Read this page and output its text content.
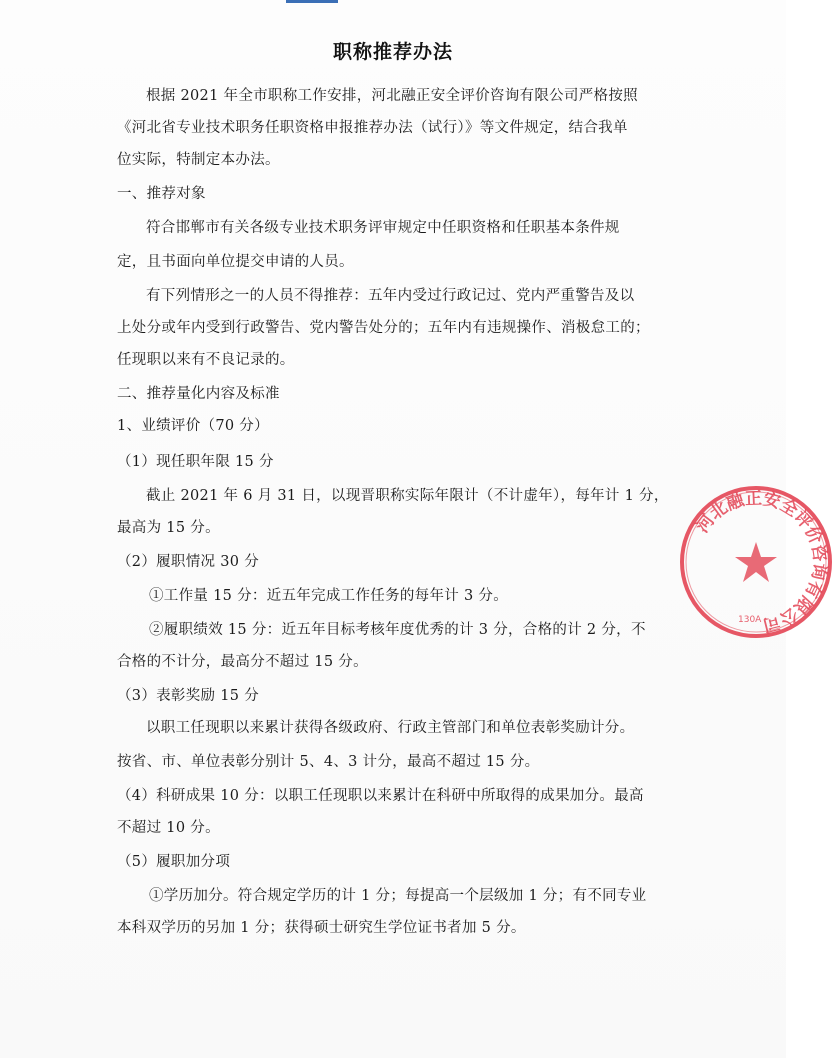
职称推荐办法
根据 2021 年全市职称工作安排，河北融正安全评价咨询有限公司严格按照
《河北省专业技术职务任职资格申报推荐办法（试行）》等文件规定，结合我单
位实际，特制定本办法。
一、推荐对象
符合邯郸市有关各级专业技术职务评审规定中任职资格和任职基本条件规
定，且书面向单位提交申请的人员。
有下列情形之一的人员不得推荐：五年内受过行政记过、党内严重警告及以
上处分或年内受到行政警告、党内警告处分的；五年内有违规操作、消极怠工的；
任现职以来有不良记录的。
二、推荐量化内容及标准
1、业绩评价（70 分）
（1）现任职年限 15 分
截止 2021 年 6 月 31 日，以现晋职称实际年限计（不计虚年），每年计 1 分，
最高为 15 分。
（2）履职情况 30 分
①工作量 15 分：近五年完成工作任务的每年计 3 分。
②履职绩效 15 分：近五年目标考核年度优秀的计 3 分，合格的计 2 分，不
合格的不计分，最高分不超过 15 分。
（3）表彰奖励 15 分
以职工任现职以来累计获得各级政府、行政主管部门和单位表彰奖励计分。
按省、市、单位表彰分别计 5、4、3 计分，最高不超过 15 分。
（4）科研成果 10 分：以职工任现职以来累计在科研中所取得的成果加分。最高
不超过 10 分。
（5）履职加分项
①学历加分。符合规定学历的计 1 分；每提高一个层级加 1 分；有不同专业
本科双学历的另加 1 分；获得硕士研究生学位证书者加 5 分。
河北融正安全评价咨询有限公司
130A
